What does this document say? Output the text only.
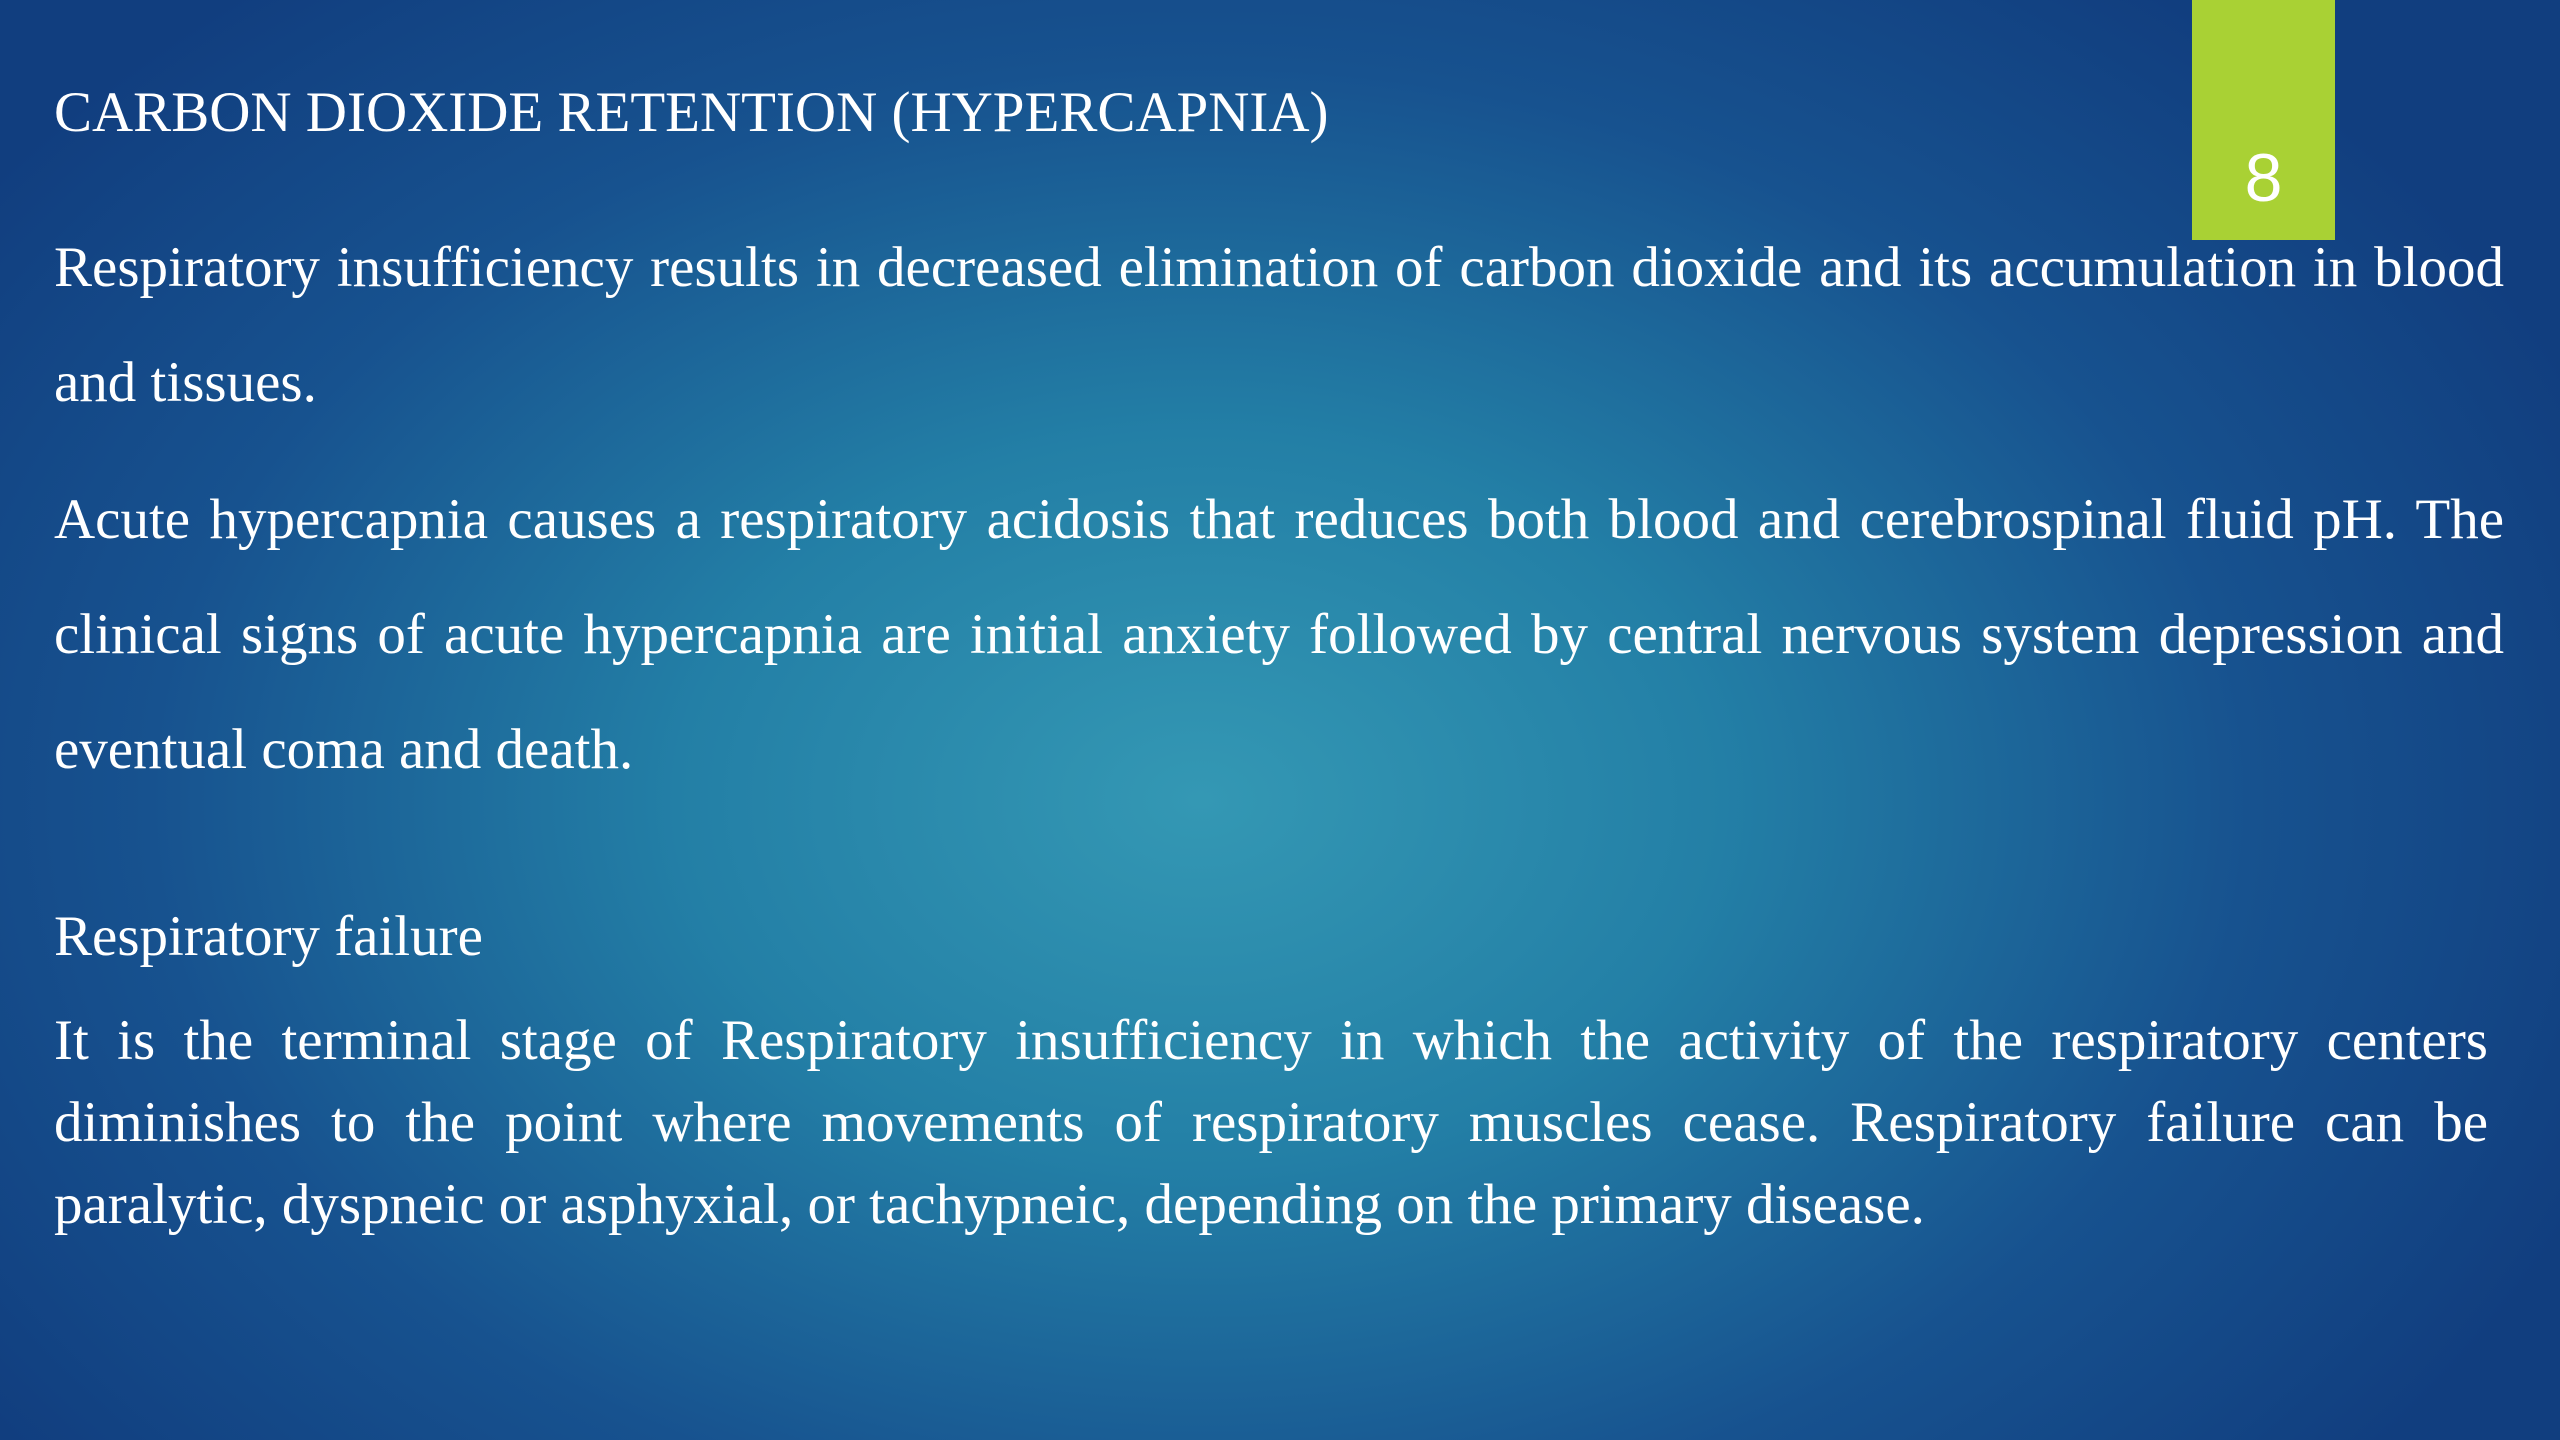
8
CARBON DIOXIDE RETENTION (HYPERCAPNIA)
Respiratory insufficiency results in decreased elimination of carbon dioxide and its accumulation in blood and tissues.
Acute hypercapnia causes a respiratory acidosis that reduces both blood and cerebrospinal fluid pH. The clinical signs of acute hypercapnia are initial anxiety followed by central nervous system depression and eventual coma and death.
Respiratory failure
It is the terminal stage of Respiratory insufficiency in which the activity of the respiratory centers diminishes to the point where movements of respiratory muscles cease. Respiratory failure can be paralytic, dyspneic or asphyxial, or tachypneic, depending on the primary disease.
